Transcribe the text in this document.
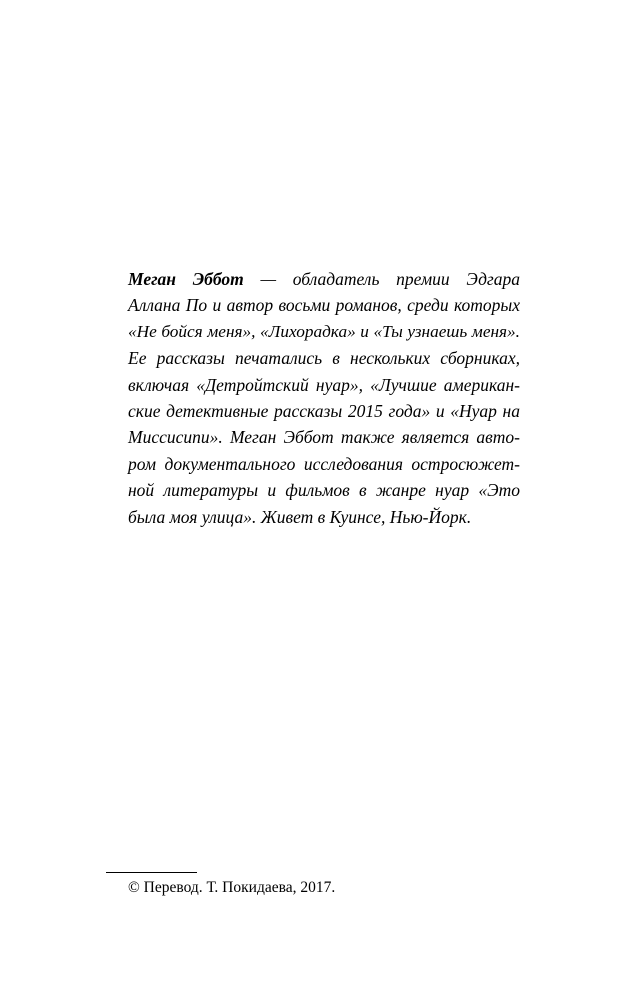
Меган Эббот — обладатель премии Эдгара
Аллана По и автор восьми романов, среди которых
«Не бойся меня», «Лихорадка» и «Ты узнаешь меня».
Ее рассказы печатались в нескольких сборниках,
включая «Детройтский нуар», «Лучшие американ-
ские детективные рассказы 2015 года» и «Нуар на
Миссисипи». Меган Эббот также является авто-
ром документального исследования остросюжет-
ной литературы и фильмов в жанре нуар «Это
была моя улица». Живет в Куинсе, Нью-Йорк.
© Перевод. Т. Покидаева, 2017.
